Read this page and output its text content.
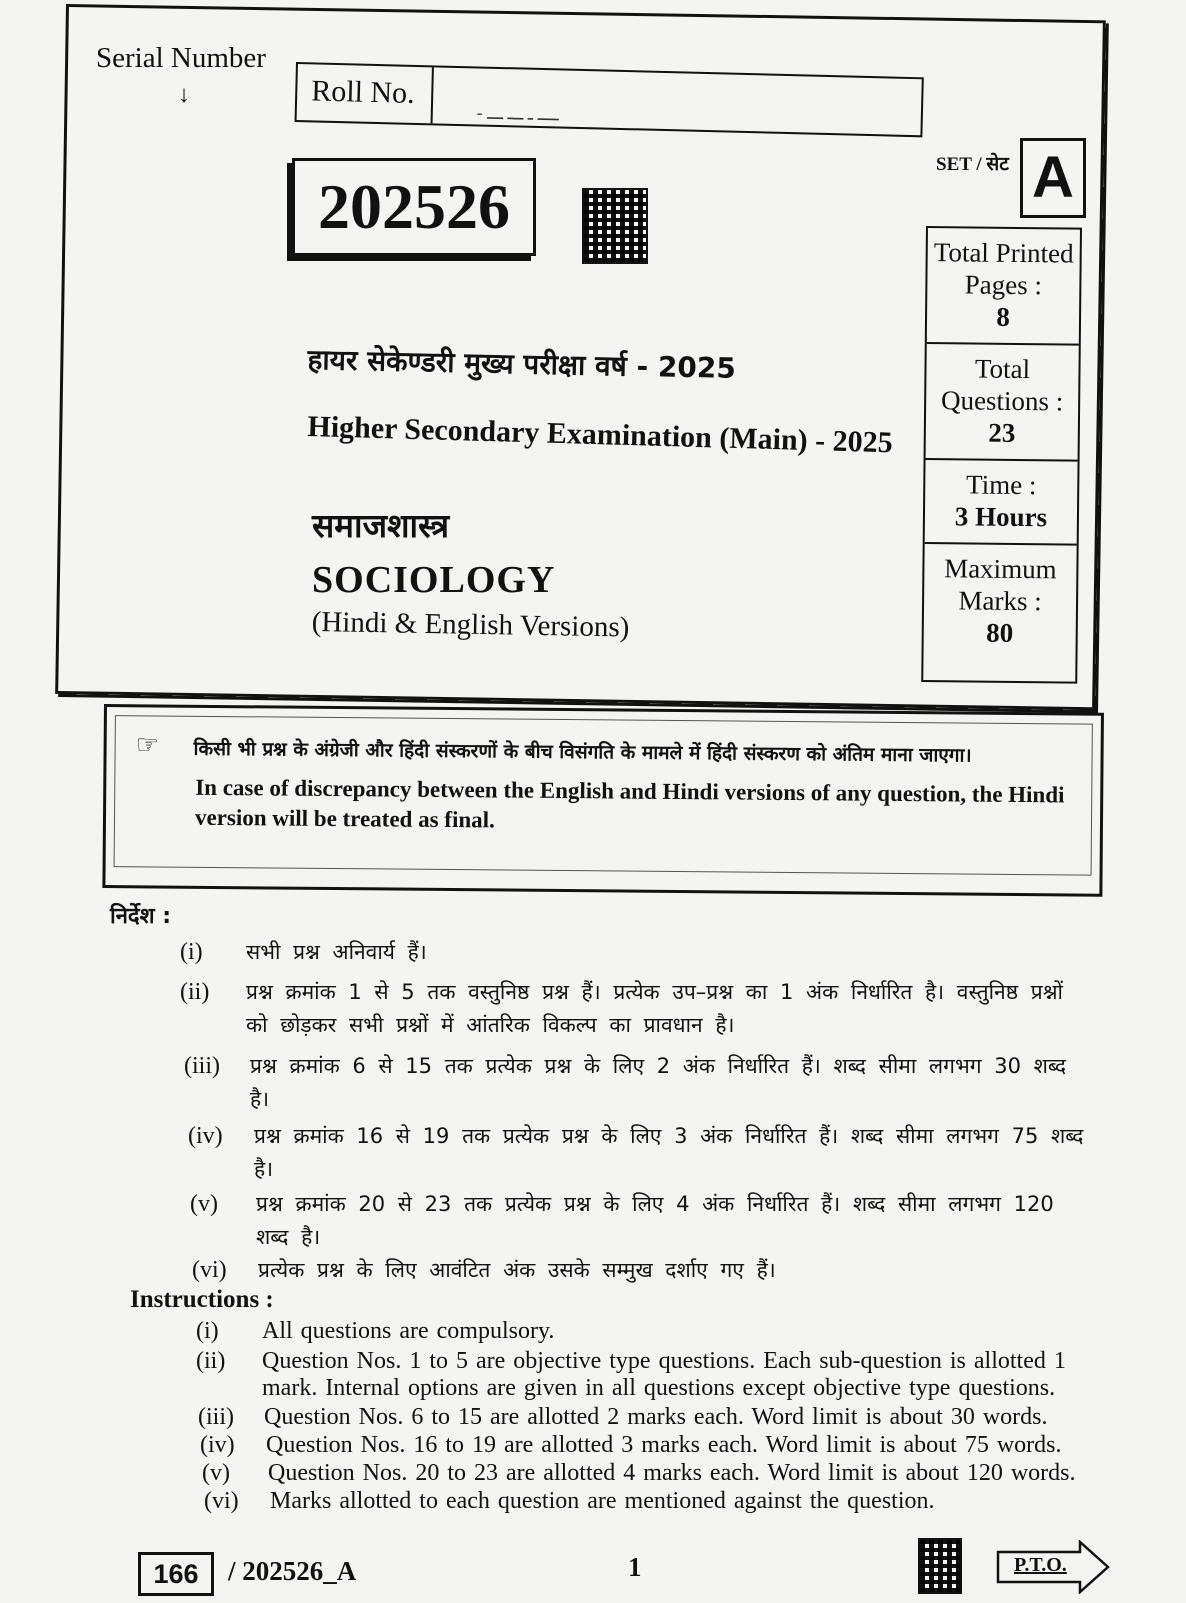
Serial Number
↓	Roll No.
- ــــ ـ ـــ ـــ
SET / सेट A
202526
हायर सेकेण्डरी मुख्य परीक्षा वर्ष - 2025
Higher Secondary Examination (Main) - 2025
समाजशास्त्र
SOCIOLOGY
(Hindi & English Versions)
Total Printed Pages :
8
Total Questions :
23
Time :
3 Hours
Maximum Marks :
80
☞ किसी भी प्रश्न के अंग्रेजी और हिंदी संस्करणों के बीच विसंगति के मामले में हिंदी संस्करण को अंतिम माना जाएगा।
In case of discrepancy between the English and Hindi versions of any question, the Hindi version will be treated as final.
निर्देश :
(i) सभी प्रश्न अनिवार्य हैं।
(ii) प्रश्न क्रमांक 1 से 5 तक वस्तुनिष्ठ प्रश्न हैं। प्रत्येक उप–प्रश्न का 1 अंक निर्धारित है। वस्तुनिष्ठ प्रश्नों को छोड़कर सभी प्रश्नों में आंतरिक विकल्प का प्रावधान है।
(iii) प्रश्न क्रमांक 6 से 15 तक प्रत्येक प्रश्न के लिए 2 अंक निर्धारित हैं। शब्द सीमा लगभग 30 शब्द है।
(iv) प्रश्न क्रमांक 16 से 19 तक प्रत्येक प्रश्न के लिए 3 अंक निर्धारित हैं। शब्द सीमा लगभग 75 शब्द है।
(v) प्रश्न क्रमांक 20 से 23 तक प्रत्येक प्रश्न के लिए 4 अंक निर्धारित हैं। शब्द सीमा लगभग 120 शब्द है।
(vi) प्रत्येक प्रश्न के लिए आवंटित अंक उसके सम्मुख दर्शाए गए हैं।
Instructions :
(i) All questions are compulsory.
(ii) Question Nos. 1 to 5 are objective type questions. Each sub-question is allotted 1 mark. Internal options are given in all questions except objective type questions.
(iii) Question Nos. 6 to 15 are allotted 2 marks each. Word limit is about 30 words.
(iv) Question Nos. 16 to 19 are allotted 3 marks each. Word limit is about 75 words.
(v) Question Nos. 20 to 23 are allotted 4 marks each. Word limit is about 120 words.
(vi) Marks allotted to each question are mentioned against the question.
166	/ 202526_A	1	P.T.O.
